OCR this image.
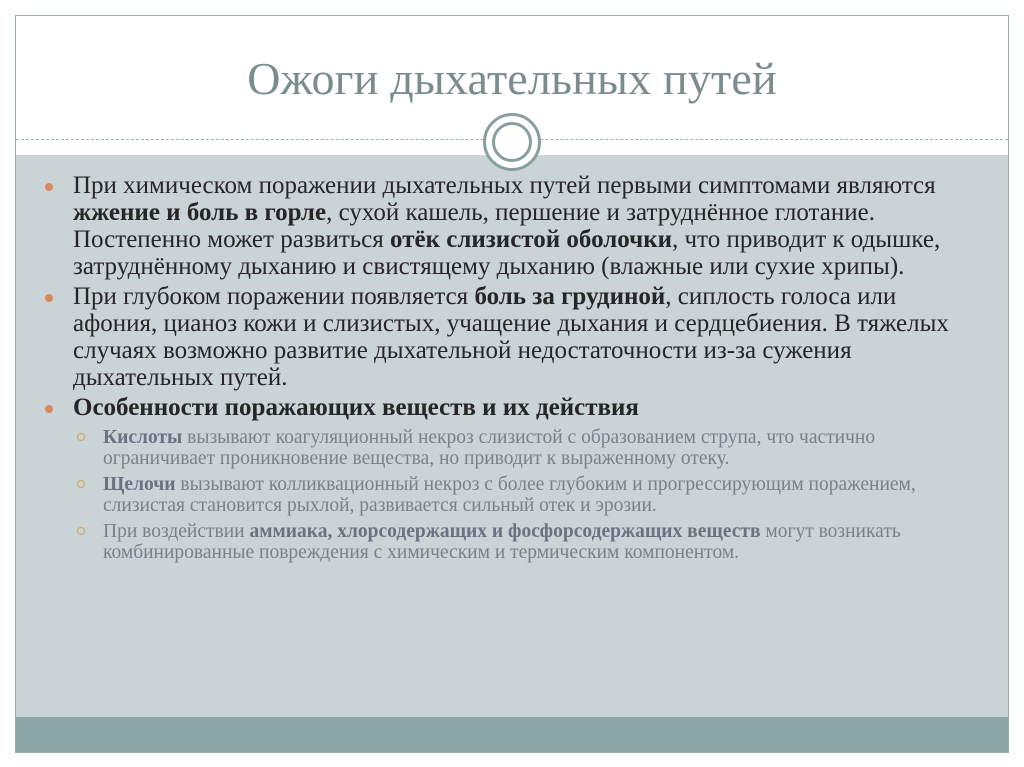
Ожоги дыхательных путей
При химическом поражении дыхательных путей первыми симптомами являются жжение и боль в горле, сухой кашель, першение и затруднённое глотание. Постепенно может развиться отёк слизистой оболочки, что приводит к одышке, затруднённому дыханию и свистящему дыханию (влажные или сухие хрипы).
При глубоком поражении появляется боль за грудиной, сиплость голоса или афония, цианоз кожи и слизистых, учащение дыхания и сердцебиения. В тяжелых случаях возможно развитие дыхательной недостаточности из-за сужения дыхательных путей.
Особенности поражающих веществ и их действия
Кислоты вызывают коагуляционный некроз слизистой с образованием струпа, что частично ограничивает проникновение вещества, но приводит к выраженному отеку.
Щелочи вызывают колликвационный некроз с более глубоким и прогрессирующим поражением, слизистая становится рыхлой, развивается сильный отек и эрозии.
При воздействии аммиака, хлорсодержащих и фосфорсодержащих веществ могут возникать комбинированные повреждения с химическим и термическим компонентом.
